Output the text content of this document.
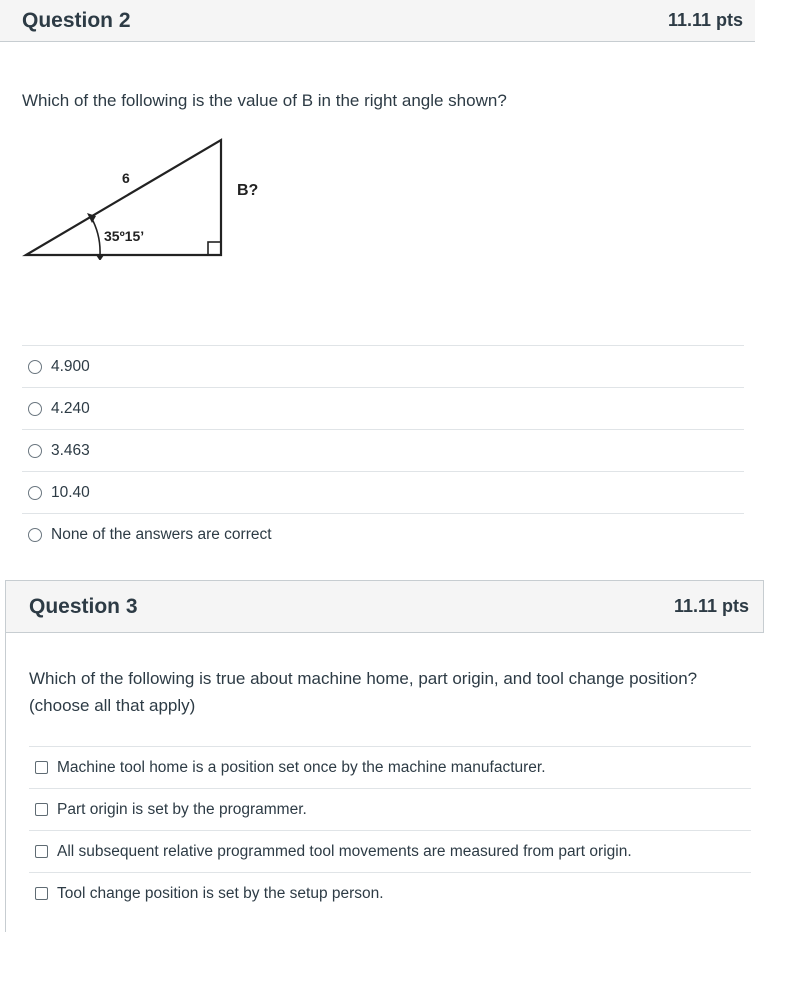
Question 2	11.11 pts
Which of the following is the value of B in the right angle shown?
6
B?
35º15’
4.900
4.240
3.463
10.40
None of the answers are correct
Question 3	11.11 pts
Which of the following is true about machine home, part origin, and tool change position? (choose all that apply)
Machine tool home is a position set once by the machine manufacturer.
Part origin is set by the programmer.
All subsequent relative programmed tool movements are measured from part origin.
Tool change position is set by the setup person.
